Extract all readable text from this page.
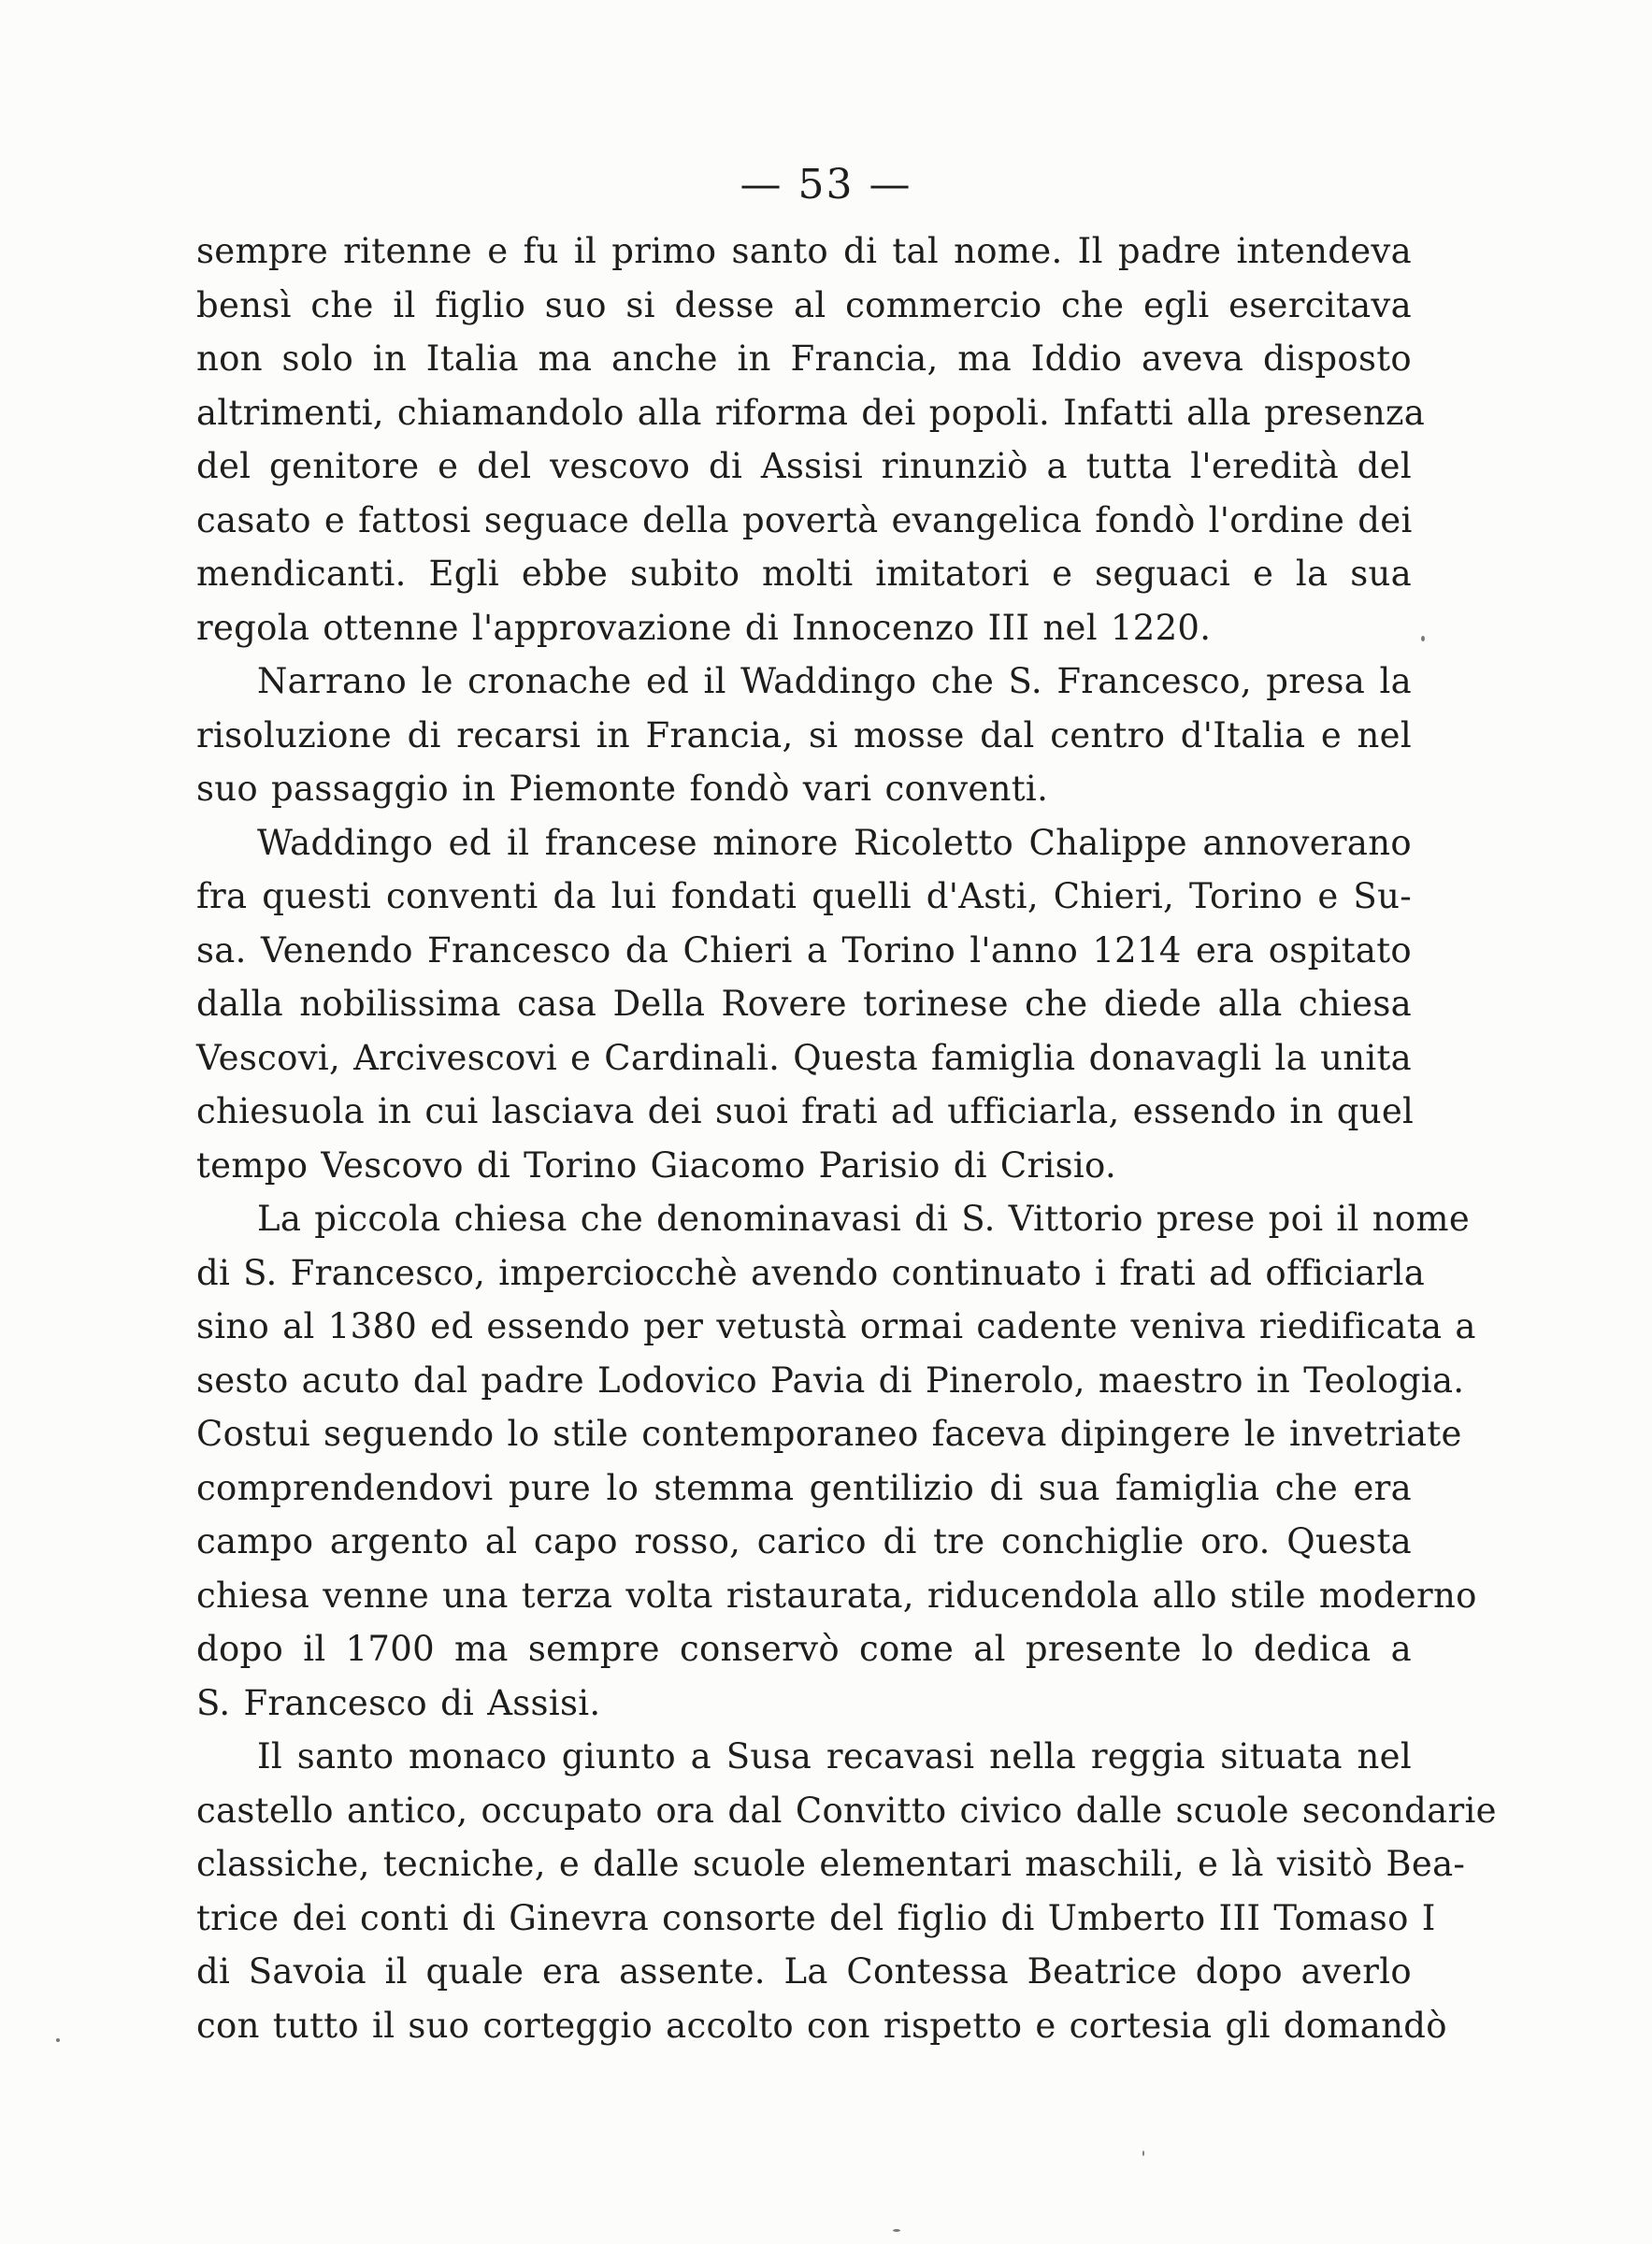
— 53 —
sempre ritenne e fu il primo santo di tal nome. Il padre intendeva
bensì che il figlio suo si desse al commercio che egli esercitava
non solo in Italia ma anche in Francia, ma Iddio aveva disposto
altrimenti, chiamandolo alla riforma dei popoli. Infatti alla presenza
del genitore e del vescovo di Assisi rinunziò a tutta l'eredità del
casato e fattosi seguace della povertà evangelica fondò l'ordine dei
mendicanti. Egli ebbe subito molti imitatori e seguaci e la sua
regola ottenne l'approvazione di Innocenzo III nel 1220.
Narrano le cronache ed il Waddingo che S. Francesco, presa la
risoluzione di recarsi in Francia, si mosse dal centro d'Italia e nel
suo passaggio in Piemonte fondò vari conventi.
Waddingo ed il francese minore Ricoletto Chalippe annoverano
fra questi conventi da lui fondati quelli d'Asti, Chieri, Torino e Su-
sa. Venendo Francesco da Chieri a Torino l'anno 1214 era ospitato
dalla nobilissima casa Della Rovere torinese che diede alla chiesa
Vescovi, Arcivescovi e Cardinali. Questa famiglia donavagli la unita
chiesuola in cui lasciava dei suoi frati ad ufficiarla, essendo in quel
tempo Vescovo di Torino Giacomo Parisio di Crisio.
La piccola chiesa che denominavasi di S. Vittorio prese poi il nome
di S. Francesco, imperciocchè avendo continuato i frati ad officiarla
sino al 1380 ed essendo per vetustà ormai cadente veniva riedificata a
sesto acuto dal padre Lodovico Pavia di Pinerolo, maestro in Teologia.
Costui seguendo lo stile contemporaneo faceva dipingere le invetriate
comprendendovi pure lo stemma gentilizio di sua famiglia che era
campo argento al capo rosso, carico di tre conchiglie oro. Questa
chiesa venne una terza volta ristaurata, riducendola allo stile moderno
dopo il 1700 ma sempre conservò come al presente lo dedica a
S. Francesco di Assisi.
Il santo monaco giunto a Susa recavasi nella reggia situata nel
castello antico, occupato ora dal Convitto civico dalle scuole secondarie
classiche, tecniche, e dalle scuole elementari maschili, e là visitò Bea-
trice dei conti di Ginevra consorte del figlio di Umberto III Tomaso I
di Savoia il quale era assente. La Contessa Beatrice dopo averlo
con tutto il suo corteggio accolto con rispetto e cortesia gli domandò
